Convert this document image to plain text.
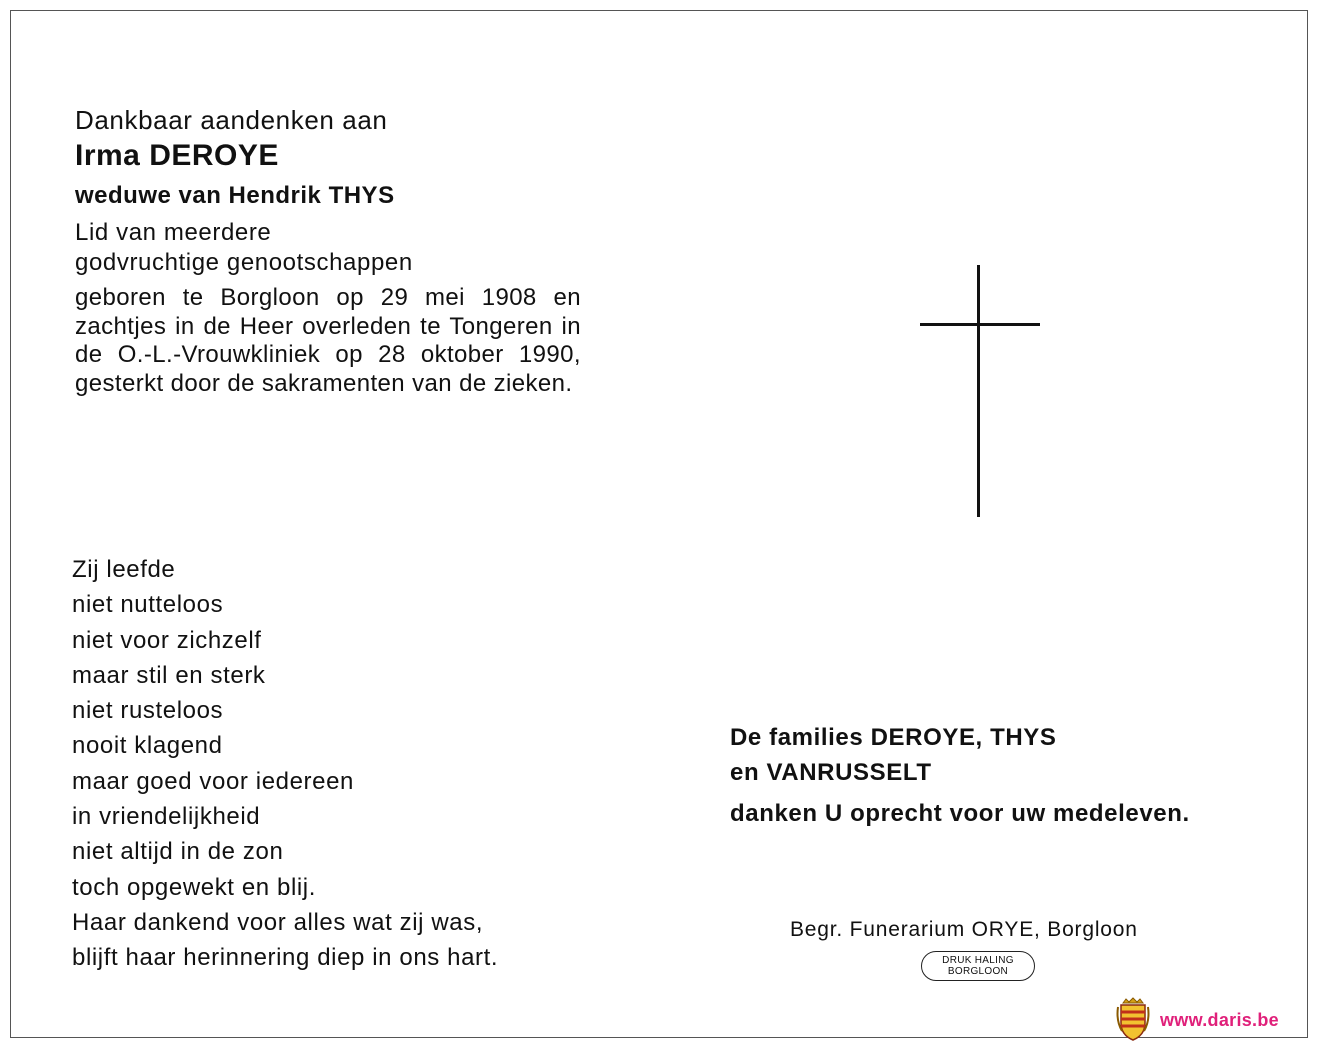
Dankbaar aandenken aan
Irma DEROYE
weduwe van Hendrik THYS
Lid van meerdere
godvruchtige genootschappen
geboren te Borgloon op 29 mei 1908 en zachtjes in de Heer overleden te Tongeren in de O.-L.-Vrouwkliniek op 28 oktober 1990, gesterkt door de sakramenten van de zieken.
Zij leefde
niet nutteloos
niet voor zichzelf
maar stil en sterk
niet rusteloos
nooit klagend
maar goed voor iedereen
in vriendelijkheid
niet altijd in de zon
toch opgewekt en blij.
Haar dankend voor alles wat zij was,
blijft haar herinnering diep in ons hart.
De families DEROYE, THYS
en VANRUSSELT
danken U oprecht voor uw medeleven.
Begr. Funerarium ORYE, Borgloon
DRUK HALING
BORGLOON
www.daris.be
